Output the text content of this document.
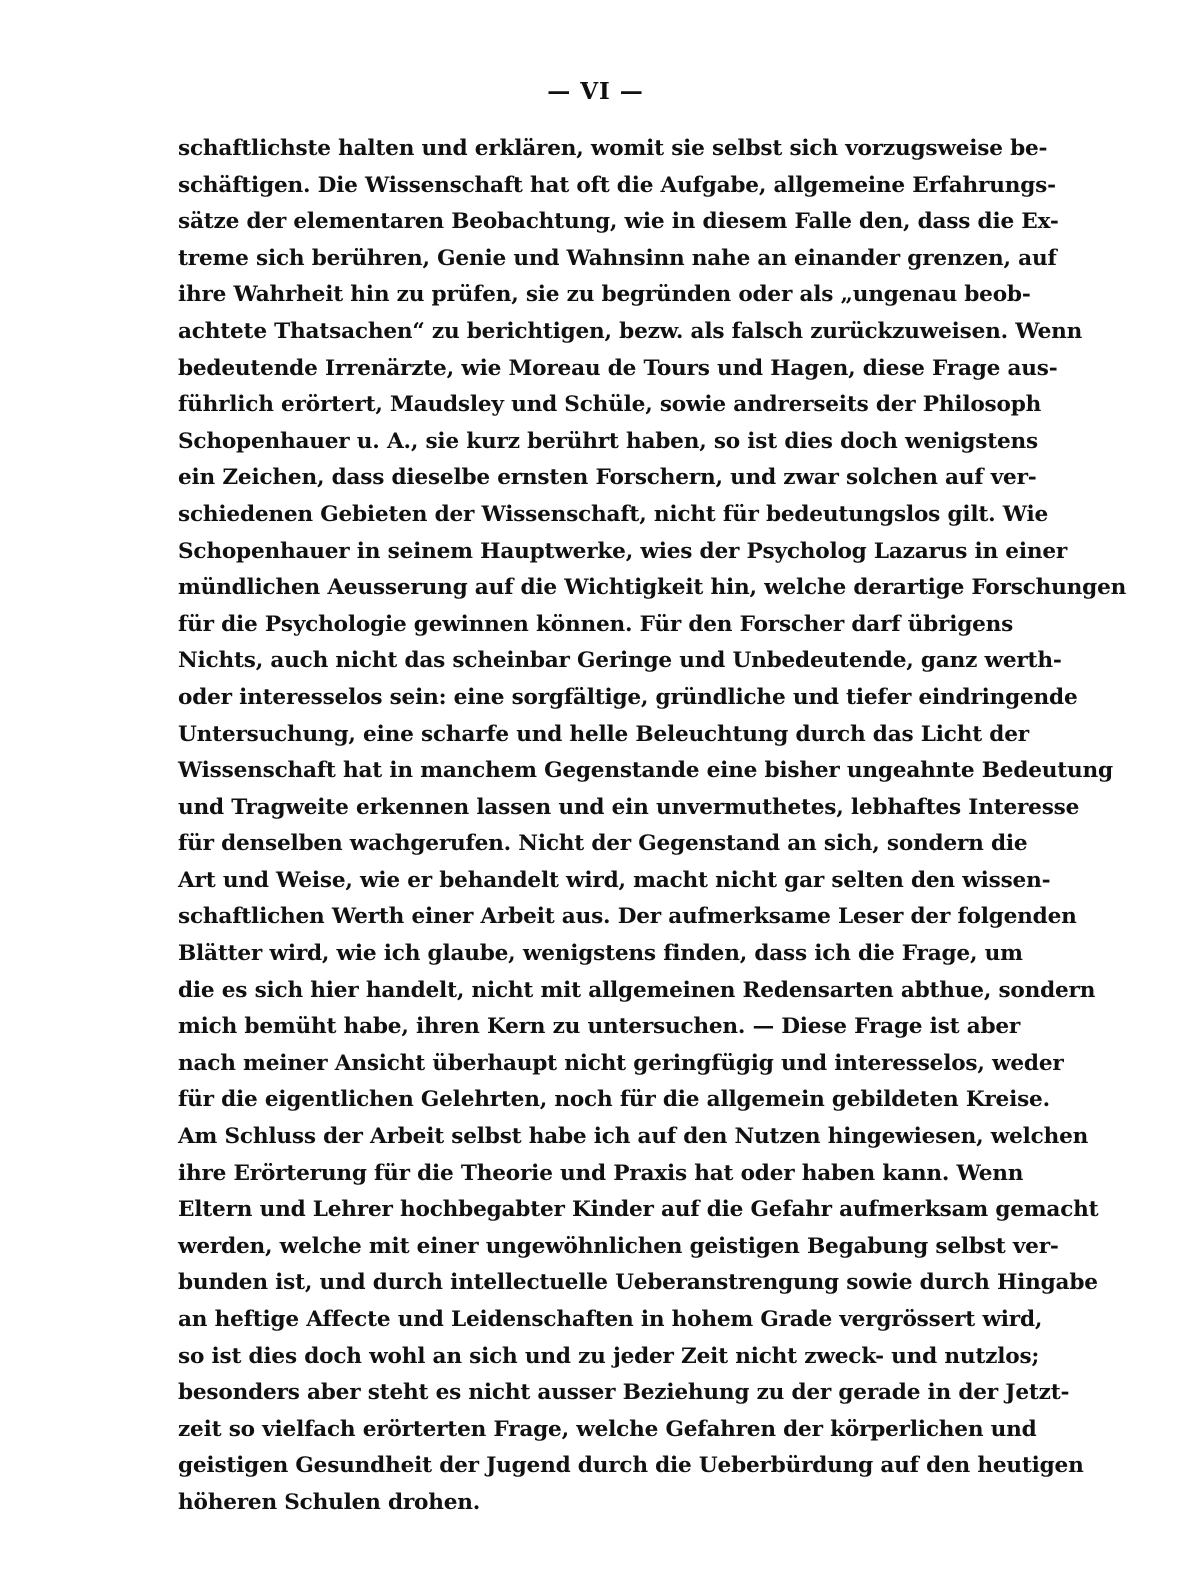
— VI —
schaftlichste halten und erklären, womit sie selbst sich vorzugsweise be-
schäftigen. Die Wissenschaft hat oft die Aufgabe, allgemeine Erfahrungs-
sätze der elementaren Beobachtung, wie in diesem Falle den, dass die Ex-
treme sich berühren, Genie und Wahnsinn nahe an einander grenzen, auf
ihre Wahrheit hin zu prüfen, sie zu begründen oder als „ungenau beob-
achtete Thatsachen“ zu berichtigen, bezw. als falsch zurückzuweisen. Wenn
bedeutende Irrenärzte, wie Moreau de Tours und Hagen, diese Frage aus-
führlich erörtert, Maudsley und Schüle, sowie andrerseits der Philosoph
Schopenhauer u. A., sie kurz berührt haben, so ist dies doch wenigstens
ein Zeichen, dass dieselbe ernsten Forschern, und zwar solchen auf ver-
schiedenen Gebieten der Wissenschaft, nicht für bedeutungslos gilt. Wie
Schopenhauer in seinem Hauptwerke, wies der Psycholog Lazarus in einer
mündlichen Aeusserung auf die Wichtigkeit hin, welche derartige Forschungen
für die Psychologie gewinnen können. Für den Forscher darf übrigens
Nichts, auch nicht das scheinbar Geringe und Unbedeutende, ganz werth-
oder interesselos sein: eine sorgfältige, gründliche und tiefer eindringende
Untersuchung, eine scharfe und helle Beleuchtung durch das Licht der
Wissenschaft hat in manchem Gegenstande eine bisher ungeahnte Bedeutung
und Tragweite erkennen lassen und ein unvermuthetes, lebhaftes Interesse
für denselben wachgerufen. Nicht der Gegenstand an sich, sondern die
Art und Weise, wie er behandelt wird, macht nicht gar selten den wissen-
schaftlichen Werth einer Arbeit aus. Der aufmerksame Leser der folgenden
Blätter wird, wie ich glaube, wenigstens finden, dass ich die Frage, um
die es sich hier handelt, nicht mit allgemeinen Redensarten abthue, sondern
mich bemüht habe, ihren Kern zu untersuchen. — Diese Frage ist aber
nach meiner Ansicht überhaupt nicht geringfügig und interesselos, weder
für die eigentlichen Gelehrten, noch für die allgemein gebildeten Kreise.
Am Schluss der Arbeit selbst habe ich auf den Nutzen hingewiesen, welchen
ihre Erörterung für die Theorie und Praxis hat oder haben kann. Wenn
Eltern und Lehrer hochbegabter Kinder auf die Gefahr aufmerksam gemacht
werden, welche mit einer ungewöhnlichen geistigen Begabung selbst ver-
bunden ist, und durch intellectuelle Ueberanstrengung sowie durch Hingabe
an heftige Affecte und Leidenschaften in hohem Grade vergrössert wird,
so ist dies doch wohl an sich und zu jeder Zeit nicht zweck- und nutzlos;
besonders aber steht es nicht ausser Beziehung zu der gerade in der Jetzt-
zeit so vielfach erörterten Frage, welche Gefahren der körperlichen und
geistigen Gesundheit der Jugend durch die Ueberbürdung auf den heutigen
höheren Schulen drohen.
